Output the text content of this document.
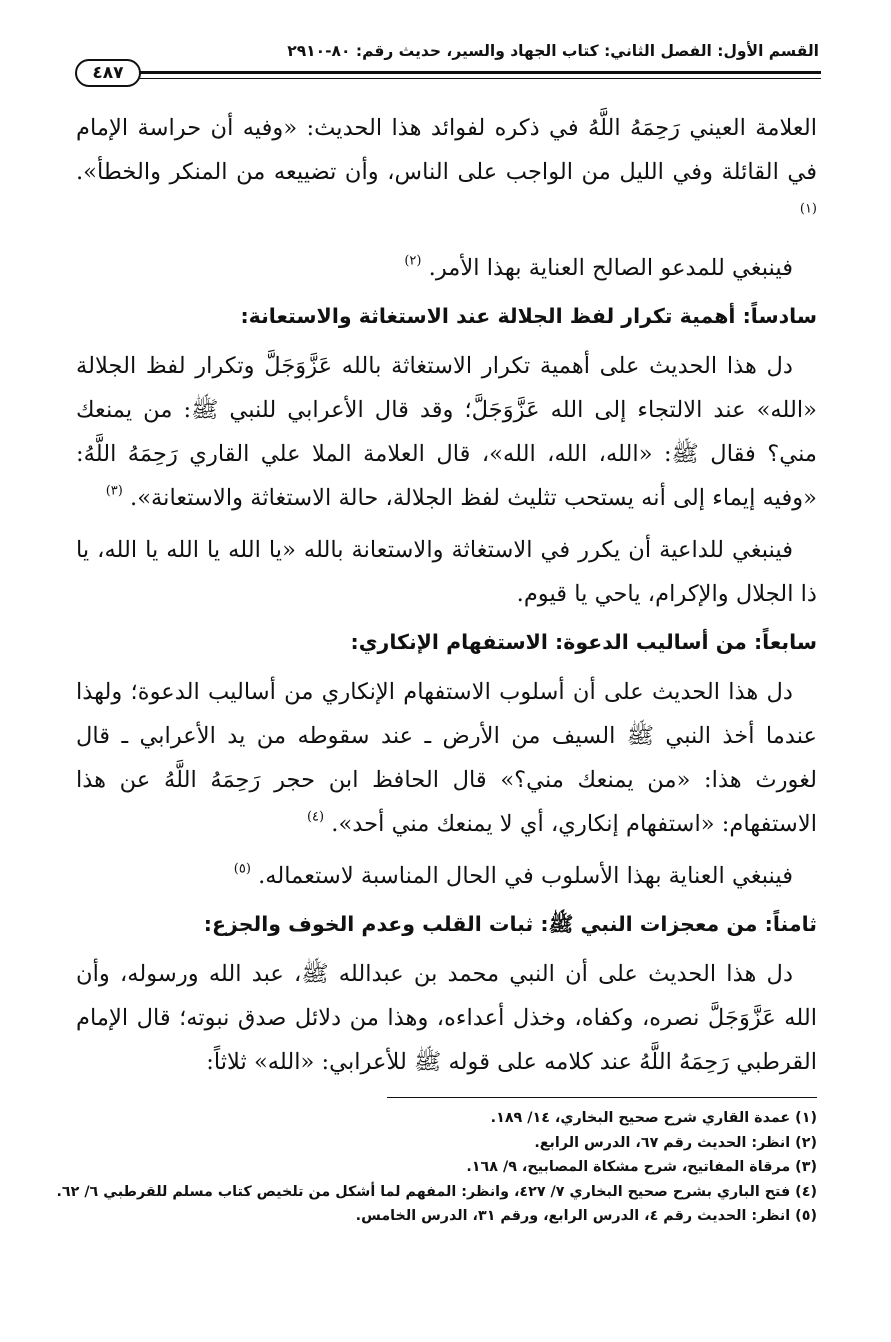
القسم الأول: الفصل الثاني: كتاب الجهاد والسير، حديث رقم: ٨٠-٢٩١٠
٤٨٧

العلامة العيني رَحِمَهُ اللَّهُ في ذكره لفوائد هذا الحديث: «وفيه أن حراسة الإمام في القائلة وفي الليل من الواجب على الناس، وأن تضييعه من المنكر والخطأ». $^{(١)}$

فينبغي للمدعو الصالح العناية بهذا الأمر. $^{(٢)}$

سادساً: أهمية تكرار لفظ الجلالة عند الاستغاثة والاستعانة:

دل هذا الحديث على أهمية تكرار الاستغاثة بالله عَزَّوَجَلَّ وتكرار لفظ الجلالة «الله» عند الالتجاء إلى الله عَزَّوَجَلَّ؛ وقد قال الأعرابي للنبي ﷺ: من يمنعك مني؟ فقال ﷺ: «الله، الله، الله»، قال العلامة الملا علي القاري رَحِمَهُ اللَّهُ: «وفيه إيماء إلى أنه يستحب تثليث لفظ الجلالة، حالة الاستغاثة والاستعانة». $^{(٣)}$

فينبغي للداعية أن يكرر في الاستغاثة والاستعانة بالله «يا الله يا الله يا الله، يا ذا الجلال والإكرام، ياحي يا قيوم.

سابعاً: من أساليب الدعوة: الاستفهام الإنكاري:

دل هذا الحديث على أن أسلوب الاستفهام الإنكاري من أساليب الدعوة؛ ولهذا عندما أخذ النبي ﷺ السيف من الأرض ـ عند سقوطه من يد الأعرابي ـ قال لغورث هذا: «من يمنعك مني؟» قال الحافظ ابن حجر رَحِمَهُ اللَّهُ عن هذا الاستفهام: «استفهام إنكاري، أي لا يمنعك مني أحد». $^{(٤)}$

فينبغي العناية بهذا الأسلوب في الحال المناسبة لاستعماله. $^{(٥)}$

ثامناً: من معجزات النبي ﷺ: ثبات القلب وعدم الخوف والجزع:

دل هذا الحديث على أن النبي محمد بن عبدالله ﷺ، عبد الله ورسوله، وأن الله عَزَّوَجَلَّ نصره، وكفاه، وخذل أعداءه، وهذا من دلائل صدق نبوته؛ قال الإمام القرطبي رَحِمَهُ اللَّهُ عند كلامه على قوله ﷺ للأعرابي: «الله» ثلاثاً:

(١) عمدة القاري شرح صحيح البخاري، ١٤/ ١٨٩.
(٢) انظر: الحديث رقم ٦٧، الدرس الرابع.
(٣) مرقاة المفاتيح، شرح مشكاة المصابيح، ٩/ ١٦٨.
(٤) فتح الباري بشرح صحيح البخاري ٧/ ٤٢٧، وانظر: المفهم لما أشكل من تلخيص كتاب مسلم للقرطبي ٦/ ٦٢.
(٥) انظر: الحديث رقم ٤، الدرس الرابع، ورقم ٣١، الدرس الخامس.
